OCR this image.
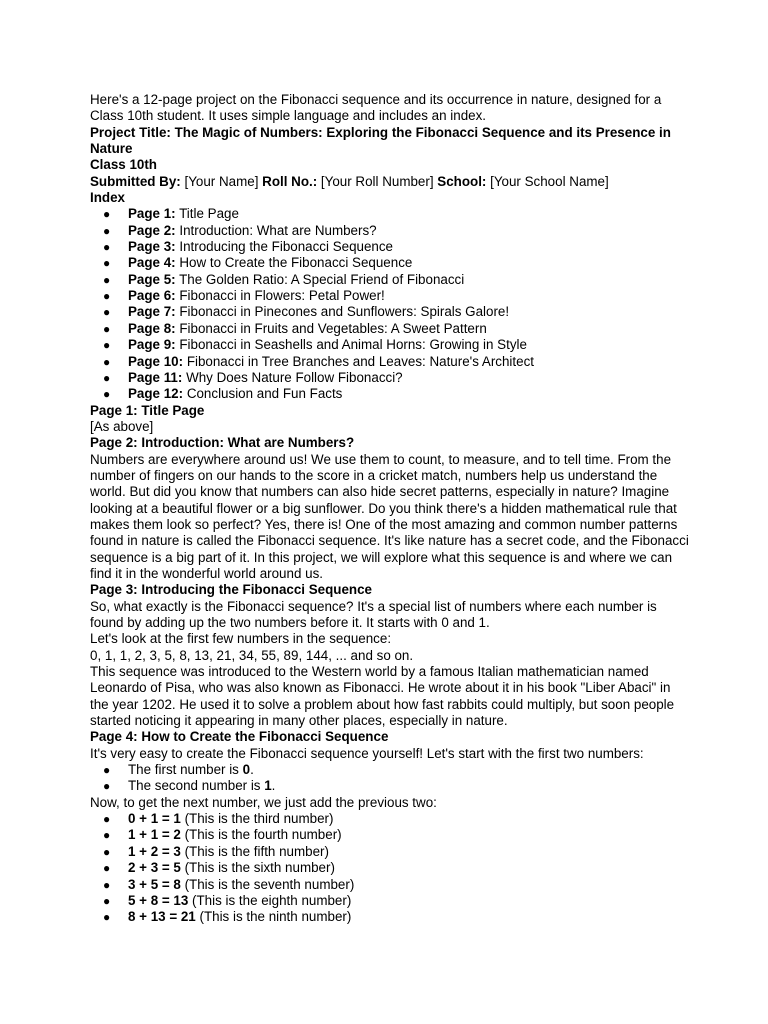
Here's a 12-page project on the Fibonacci sequence and its occurrence in nature, designed for a Class 10th student. It uses simple language and includes an index.

Project Title: The Magic of Numbers: Exploring the Fibonacci Sequence and its Presence in Nature

Class 10th

Submitted By: [Your Name] Roll No.: [Your Roll Number] School: [Your School Name]

Index

● Page 1: Title Page
● Page 2: Introduction: What are Numbers?
● Page 3: Introducing the Fibonacci Sequence
● Page 4: How to Create the Fibonacci Sequence
● Page 5: The Golden Ratio: A Special Friend of Fibonacci
● Page 6: Fibonacci in Flowers: Petal Power!
● Page 7: Fibonacci in Pinecones and Sunflowers: Spirals Galore!
● Page 8: Fibonacci in Fruits and Vegetables: A Sweet Pattern
● Page 9: Fibonacci in Seashells and Animal Horns: Growing in Style
● Page 10: Fibonacci in Tree Branches and Leaves: Nature's Architect
● Page 11: Why Does Nature Follow Fibonacci?
● Page 12: Conclusion and Fun Facts

Page 1: Title Page

[As above]

Page 2: Introduction: What are Numbers?

Numbers are everywhere around us! We use them to count, to measure, and to tell time. From the number of fingers on our hands to the score in a cricket match, numbers help us understand the world. But did you know that numbers can also hide secret patterns, especially in nature? Imagine looking at a beautiful flower or a big sunflower. Do you think there's a hidden mathematical rule that makes them look so perfect? Yes, there is! One of the most amazing and common number patterns found in nature is called the Fibonacci sequence. It's like nature has a secret code, and the Fibonacci sequence is a big part of it. In this project, we will explore what this sequence is and where we can find it in the wonderful world around us.

Page 3: Introducing the Fibonacci Sequence

So, what exactly is the Fibonacci sequence? It's a special list of numbers where each number is found by adding up the two numbers before it. It starts with 0 and 1.

Let's look at the first few numbers in the sequence:

0, 1, 1, 2, 3, 5, 8, 13, 21, 34, 55, 89, 144, ... and so on.

This sequence was introduced to the Western world by a famous Italian mathematician named Leonardo of Pisa, who was also known as Fibonacci. He wrote about it in his book "Liber Abaci" in the year 1202. He used it to solve a problem about how fast rabbits could multiply, but soon people started noticing it appearing in many other places, especially in nature.

Page 4: How to Create the Fibonacci Sequence

It's very easy to create the Fibonacci sequence yourself! Let's start with the first two numbers:

● The first number is 0.
● The second number is 1.

Now, to get the next number, we just add the previous two:

● 0 + 1 = 1 (This is the third number)
● 1 + 1 = 2 (This is the fourth number)
● 1 + 2 = 3 (This is the fifth number)
● 2 + 3 = 5 (This is the sixth number)
● 3 + 5 = 8 (This is the seventh number)
● 5 + 8 = 13 (This is the eighth number)
● 8 + 13 = 21 (This is the ninth number)
